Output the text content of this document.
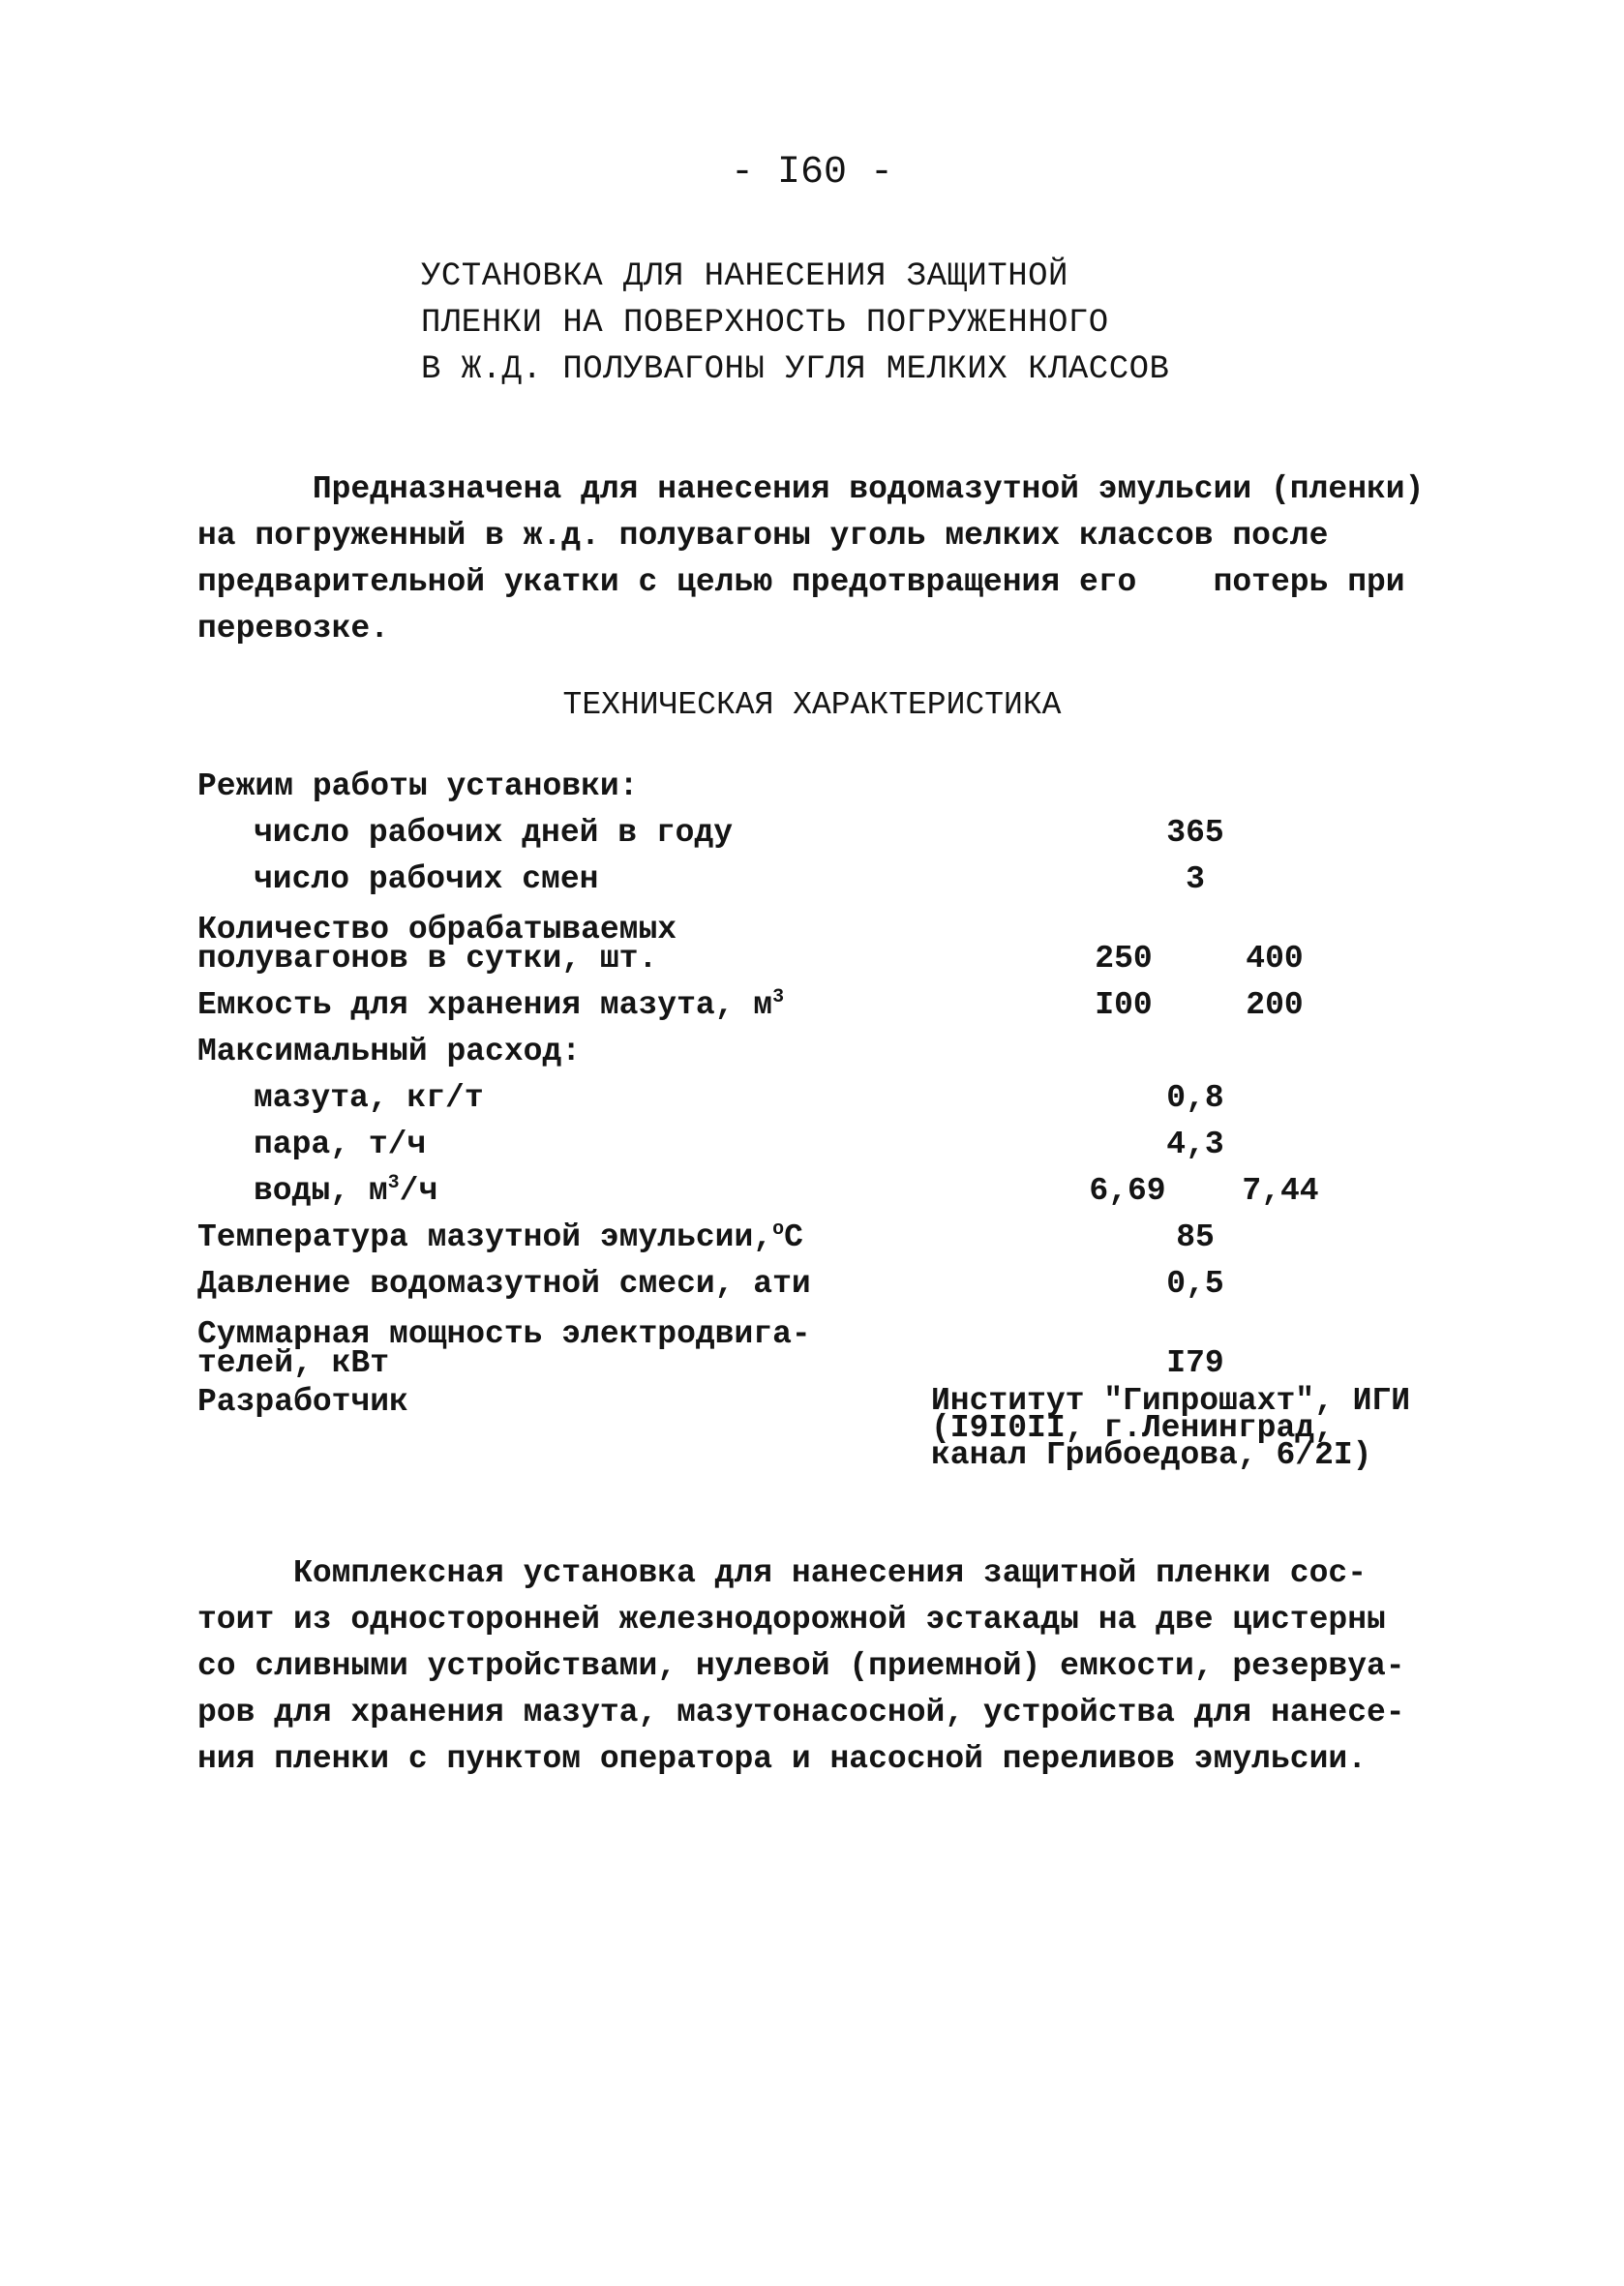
- I60 -
УСТАНОВКА ДЛЯ НАНЕСЕНИЯ ЗАЩИТНОЙ
ПЛЕНКИ НА ПОВЕРХНОСТЬ ПОГРУЖЕННОГО
В Ж.Д. ПОЛУВАГОНЫ УГЛЯ МЕЛКИХ КЛАССОВ
Предназначена для нанесения водомазутной эмульсии (пленки)
на погруженный в ж.д. полувагоны уголь мелких классов после
предварительной укатки с целью предотвращения его    потерь при
перевозке.
ТЕХНИЧЕСКАЯ ХАРАКТЕРИСТИКА
Режим работы установки:
число рабочих дней в году	365
число рабочих смен	3
Количество обрабатываемых
полувагонов в сутки, шт.	250	400
Емкость для хранения мазута, $м^3$	I00	200
Максимальный расход:
мазута, кг/т	0,8
пара, т/ч	4,3
воды, $м^3/ч$	6,69	7,44
Температура мазутной эмульсии,$^о$С	85
Давление водомазутной смеси, ати	0,5
Суммарная мощность электродвига-
телей, кВт	I79
Разработчик	Институт "Гипрошахт", ИГИ
(I9I0II, г.Ленинград,
канал Грибоедова, 6/2I)
Комплексная установка для нанесения защитной пленки сос-
тоит из односторонней железнодорожной эстакады на две цистерны
со сливными устройствами, нулевой (приемной) емкости, резервуа-
ров для хранения мазута, мазутонасосной, устройства для нанесе-
ния пленки с пунктом оператора и насосной переливов эмульсии.
